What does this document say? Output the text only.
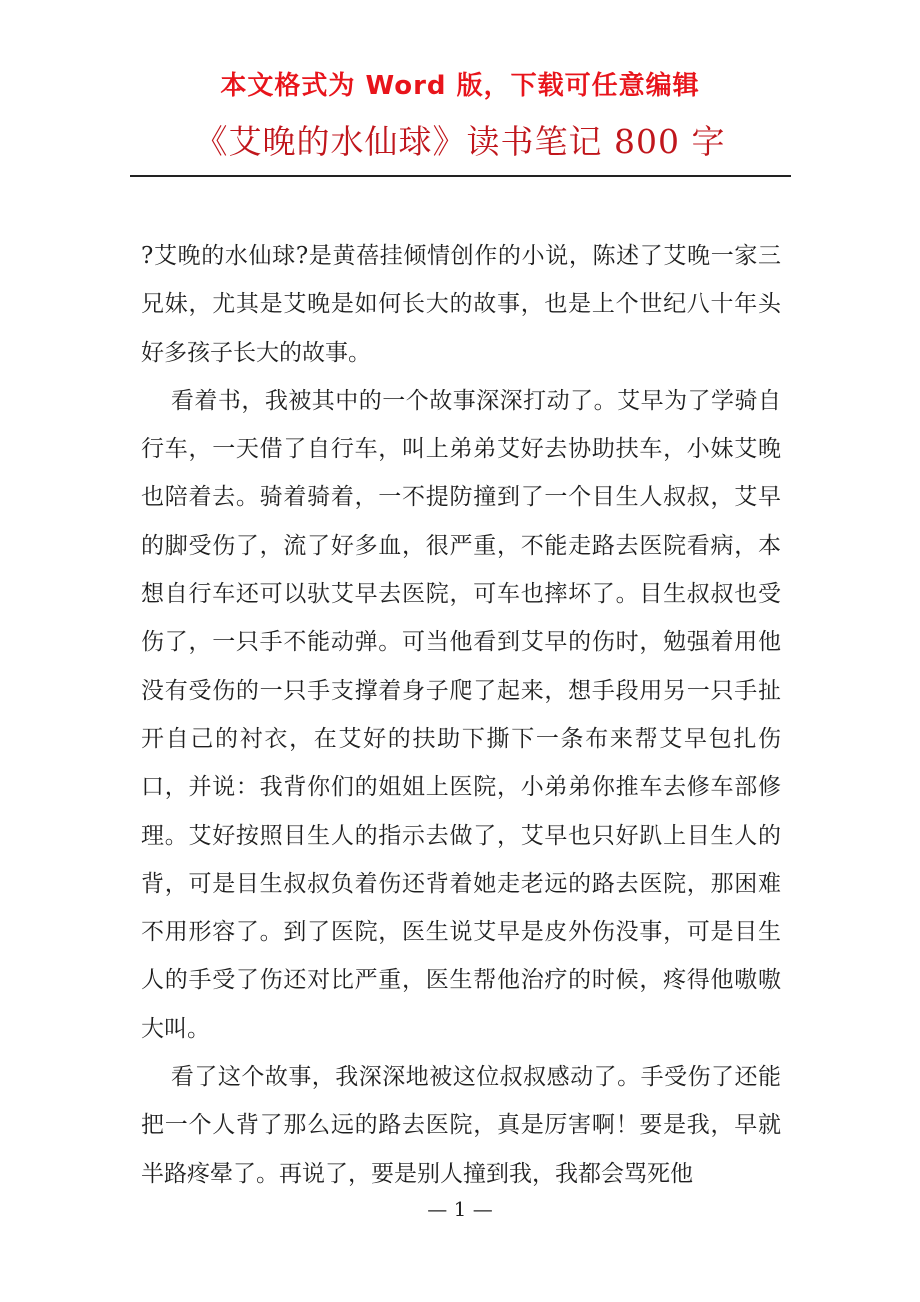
本文格式为 Word 版，下载可任意编辑
《艾晚的水仙球》读书笔记 800 字

?艾晚的水仙球?是黄蓓挂倾情创作的小说，陈述了艾晚一家三兄妹，尤其是艾晚是如何长大的故事，也是上个世纪八十年头好多孩子长大的故事。

看着书，我被其中的一个故事深深打动了。艾早为了学骑自行车，一天借了自行车，叫上弟弟艾好去协助扶车，小妹艾晚也陪着去。骑着骑着，一不提防撞到了一个目生人叔叔，艾早的脚受伤了，流了好多血，很严重，不能走路去医院看病，本想自行车还可以驮艾早去医院，可车也摔坏了。目生叔叔也受伤了，一只手不能动弹。可当他看到艾早的伤时，勉强着用他没有受伤的一只手支撑着身子爬了起来，想手段用另一只手扯开自己的衬衣，在艾好的扶助下撕下一条布来帮艾早包扎伤口，并说：我背你们的姐姐上医院，小弟弟你推车去修车部修理。艾好按照目生人的指示去做了，艾早也只好趴上目生人的背，可是目生叔叔负着伤还背着她走老远的路去医院，那困难不用形容了。到了医院，医生说艾早是皮外伤没事，可是目生人的手受了伤还对比严重，医生帮他治疗的时候，疼得他嗷嗷大叫。

看了这个故事，我深深地被这位叔叔感动了。手受伤了还能把一个人背了那么远的路去医院，真是厉害啊！要是我，早就半路疼晕了。再说了，要是别人撞到我，我都会骂死他

— 1 —
